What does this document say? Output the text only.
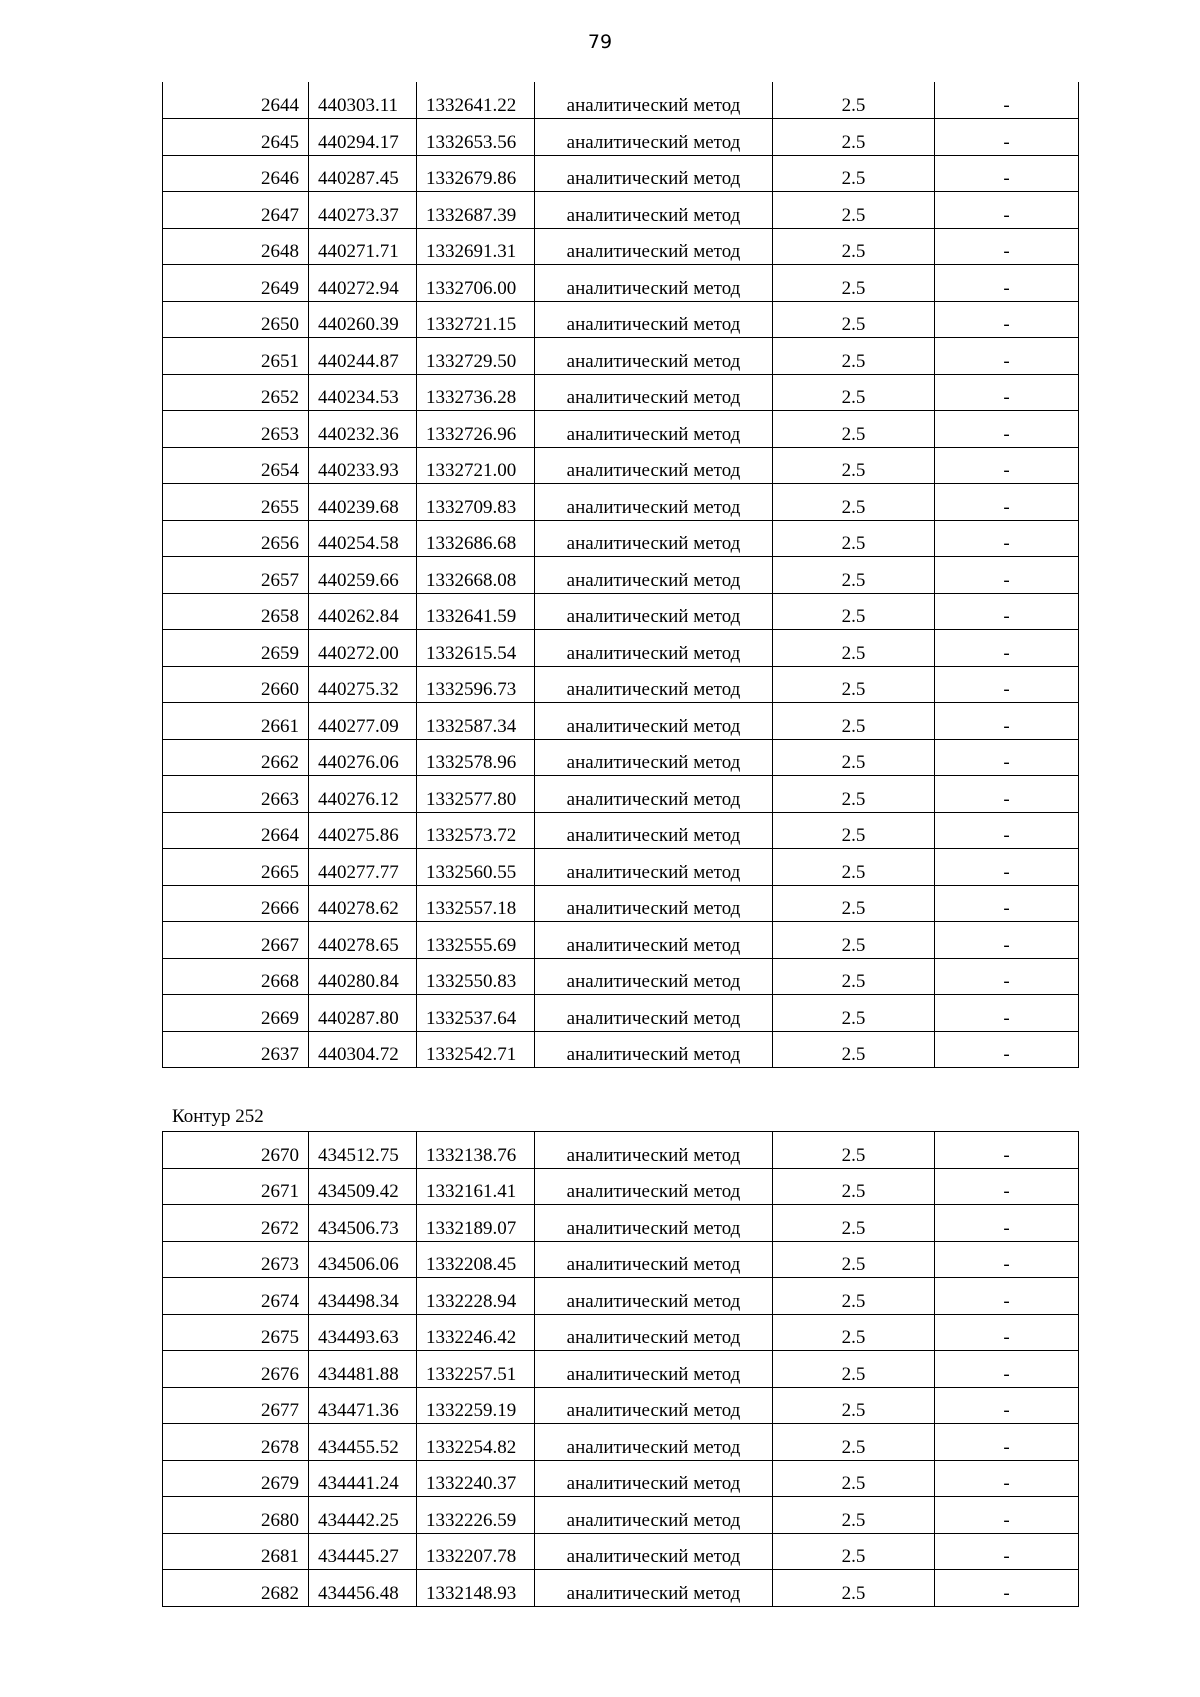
79
2644	440303.11	1332641.22	аналитический метод	2.5	-
2645	440294.17	1332653.56	аналитический метод	2.5	-
2646	440287.45	1332679.86	аналитический метод	2.5	-
2647	440273.37	1332687.39	аналитический метод	2.5	-
2648	440271.71	1332691.31	аналитический метод	2.5	-
2649	440272.94	1332706.00	аналитический метод	2.5	-
2650	440260.39	1332721.15	аналитический метод	2.5	-
2651	440244.87	1332729.50	аналитический метод	2.5	-
2652	440234.53	1332736.28	аналитический метод	2.5	-
2653	440232.36	1332726.96	аналитический метод	2.5	-
2654	440233.93	1332721.00	аналитический метод	2.5	-
2655	440239.68	1332709.83	аналитический метод	2.5	-
2656	440254.58	1332686.68	аналитический метод	2.5	-
2657	440259.66	1332668.08	аналитический метод	2.5	-
2658	440262.84	1332641.59	аналитический метод	2.5	-
2659	440272.00	1332615.54	аналитический метод	2.5	-
2660	440275.32	1332596.73	аналитический метод	2.5	-
2661	440277.09	1332587.34	аналитический метод	2.5	-
2662	440276.06	1332578.96	аналитический метод	2.5	-
2663	440276.12	1332577.80	аналитический метод	2.5	-
2664	440275.86	1332573.72	аналитический метод	2.5	-
2665	440277.77	1332560.55	аналитический метод	2.5	-
2666	440278.62	1332557.18	аналитический метод	2.5	-
2667	440278.65	1332555.69	аналитический метод	2.5	-
2668	440280.84	1332550.83	аналитический метод	2.5	-
2669	440287.80	1332537.64	аналитический метод	2.5	-
2637	440304.72	1332542.71	аналитический метод	2.5	-
Контур 252
2670	434512.75	1332138.76	аналитический метод	2.5	-
2671	434509.42	1332161.41	аналитический метод	2.5	-
2672	434506.73	1332189.07	аналитический метод	2.5	-
2673	434506.06	1332208.45	аналитический метод	2.5	-
2674	434498.34	1332228.94	аналитический метод	2.5	-
2675	434493.63	1332246.42	аналитический метод	2.5	-
2676	434481.88	1332257.51	аналитический метод	2.5	-
2677	434471.36	1332259.19	аналитический метод	2.5	-
2678	434455.52	1332254.82	аналитический метод	2.5	-
2679	434441.24	1332240.37	аналитический метод	2.5	-
2680	434442.25	1332226.59	аналитический метод	2.5	-
2681	434445.27	1332207.78	аналитический метод	2.5	-
2682	434456.48	1332148.93	аналитический метод	2.5	-
